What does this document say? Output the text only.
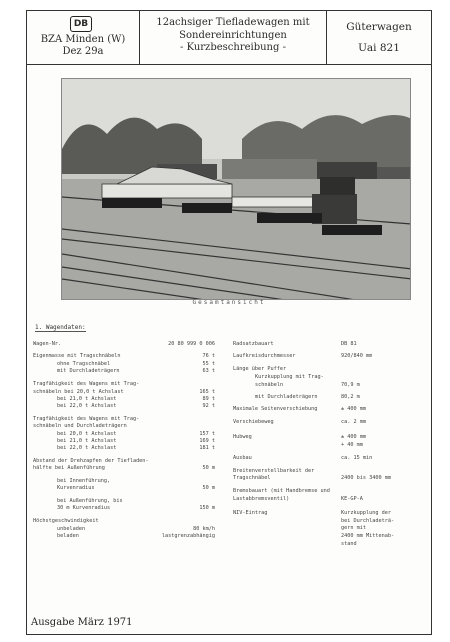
DB
BZA Minden (W)
Dez 29a
12achsiger Tiefladewagen mit
Sondereinrichtungen
- Kurzbeschreibung -
Güterwagen
Uai 821
Gesamtansicht
1. Wagendaten:
Wagen-Nr.	20 80 999 0 006
Eigenmasse mit Tragschnäbeln	76 t
ohne Tragschnäbel	55 t
mit Durchladeträgern	63 t
Tragfähigkeit des Wagens mit Trag-
schnäbeln bei 20,0 t Achslast	165 t
bei 21,0 t Achslast	89 t
bei 22,0 t Achslast	92 t
Tragfähigkeit des Wagens mit Trag-
schnäbeln und Durchladeträgern
bei 20,0 t Achslast	157 t
bei 21,0 t Achslast	169 t
bei 22,0 t Achslast	181 t
Abstand der Drehzapfen der Tiefladen-
hälfte bei Außenführung	50 m
bei Innenführung,
Kurvenradius	50 m
bei Außenführung, bis
30 m Kurvenradius	150 m
Höchstgeschwindigkeit
unbeladen	80 km/h
beladen	lastgrenzabhängig
Radsatzbauart	DB 81
Laufkreisdurchmesser	920/840 mm
Länge über Puffer
Kurzkupplung mit Trag-
schnäbeln	70,9 m
mit Durchladeträgern	80,2 m
Maximale Seitenverschiebung	± 400 mm
Verschiebeweg	ca. 2 mm
Hubweg	± 400 mm
+ 40 mm
Ausbau	ca. 15 min
Breitenverstellbarkeit der
Tragschnäbel	2400 bis 3400 mm
Bremsbauart (mit Handbremse und
Lastabbremsventil)	KE-GP-A
NIV-Eintrag	Kurzkupplung der
bei Durchladeträ-
gern mit
2400 mm Mittenab-
stand
Ausgabe März 1971
